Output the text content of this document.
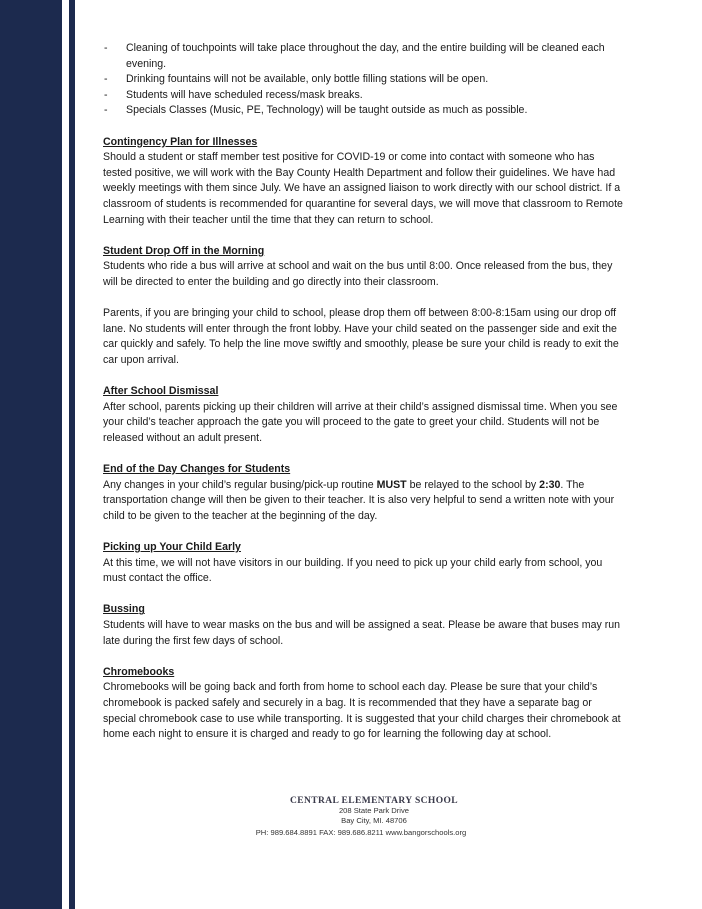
- Cleaning of touchpoints will take place throughout the day, and the entire building will be cleaned each evening.
- Drinking fountains will not be available, only bottle filling stations will be open.
- Students will have scheduled recess/mask breaks.
- Specials Classes (Music, PE, Technology) will be taught outside as much as possible.
Contingency Plan for Illnesses

Should a student or staff member test positive for COVID-19 or come into contact with someone who has tested positive, we will work with the Bay County Health Department and follow their guidelines. We have had weekly meetings with them since July. We have an assigned liaison to work directly with our school district. If a classroom of students is recommended for quarantine for several days, we will move that classroom to Remote Learning with their teacher until the time that they can return to school.

Student Drop Off in the Morning

Students who ride a bus will arrive at school and wait on the bus until 8:00. Once released from the bus, they will be directed to enter the building and go directly into their classroom.

Parents, if you are bringing your child to school, please drop them off between 8:00-8:15am using our drop off lane. No students will enter through the front lobby. Have your child seated on the passenger side and exit the car quickly and safely. To help the line move swiftly and smoothly, please be sure your child is ready to exit the car upon arrival.

After School Dismissal

After school, parents picking up their children will arrive at their child’s assigned dismissal time. When you see your child’s teacher approach the gate you will proceed to the gate to greet your child. Students will not be released without an adult present.

End of the Day Changes for Students

Any changes in your child’s regular busing/pick-up routine MUST be relayed to the school by 2:30. The transportation change will then be given to their teacher. It is also very helpful to send a written note with your child to be given to the teacher at the beginning of the day.

Picking up Your Child Early

At this time, we will not have visitors in our building. If you need to pick up your child early from school, you must contact the office.

Bussing

Students will have to wear masks on the bus and will be assigned a seat. Please be aware that buses may run late during the first few days of school.

Chromebooks

Chromebooks will be going back and forth from home to school each day. Please be sure that your child’s chromebook is packed safely and securely in a bag. It is recommended that they have a separate bag or special chromebook case to use while transporting. It is suggested that your child charges their chromebook at home each night to ensure it is charged and ready to go for learning the following day at school.

CENTRAL ELEMENTARY SCHOOL
208 State Park Drive
Bay City, MI. 48706
PH: 989.684.8891 FAX: 989.686.8211 www.bangorschools.org
